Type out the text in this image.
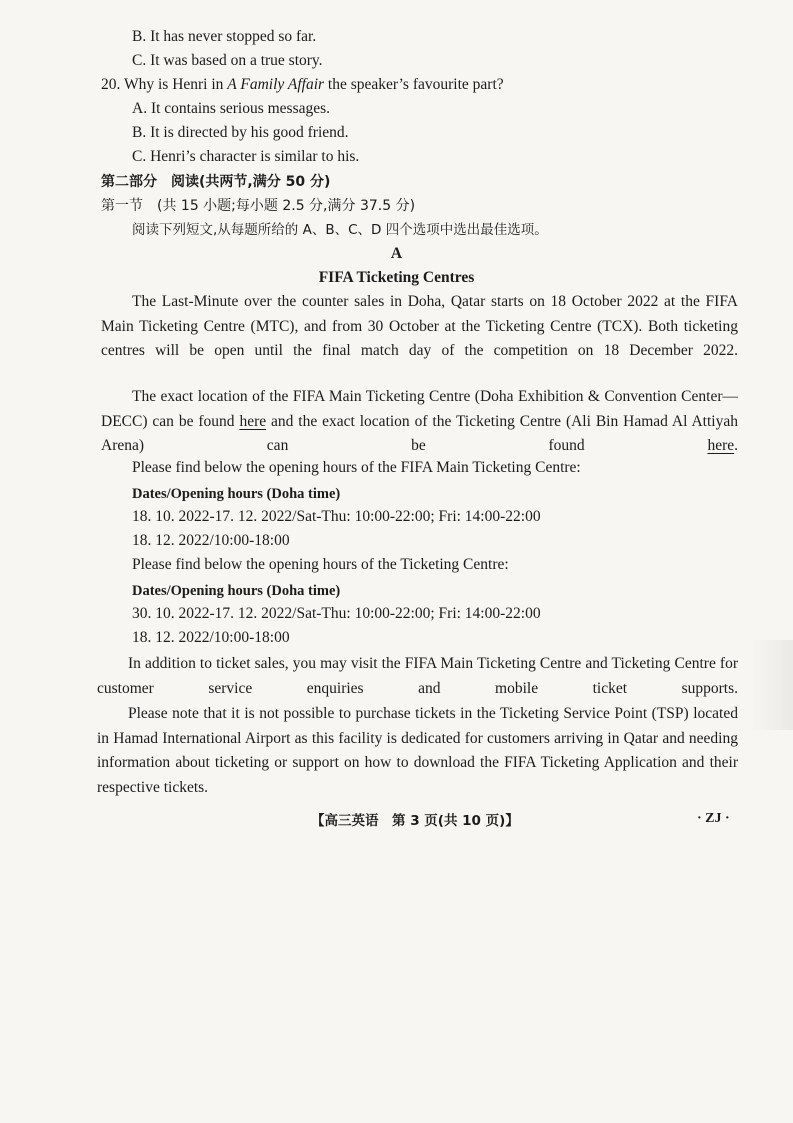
B. It has never stopped so far.
C. It was based on a true story.
20. Why is Henri in A Family Affair the speaker’s favourite part?
A. It contains serious messages.
B. It is directed by his good friend.
C. Henri’s character is similar to his.
第二部分　阅读(共两节,满分 50 分)
第一节　(共 15 小题;每小题 2.5 分,满分 37.5 分)
阅读下列短文,从每题所给的 A、B、C、D 四个选项中选出最佳选项。
A
FIFA Ticketing Centres
The Last-Minute over the counter sales in Doha, Qatar starts on 18 October 2022 at the FIFA Main Ticketing Centre (MTC), and from 30 October at the Ticketing Centre (TCX). Both ticketing centres will be open until the final match day of the competition on 18 December 2022.
The exact location of the FIFA Main Ticketing Centre (Doha Exhibition & Convention Center—DECC) can be found here and the exact location of the Ticketing Centre (Ali Bin Hamad Al Attiyah Arena) can be found here.
Please find below the opening hours of the FIFA Main Ticketing Centre:
Dates/Opening hours (Doha time)
18. 10. 2022-17. 12. 2022/Sat-Thu: 10:00-22:00; Fri: 14:00-22:00
18. 12. 2022/10:00-18:00
Please find below the opening hours of the Ticketing Centre:
Dates/Opening hours (Doha time)
30. 10. 2022-17. 12. 2022/Sat-Thu: 10:00-22:00; Fri: 14:00-22:00
18. 12. 2022/10:00-18:00
In addition to ticket sales, you may visit the FIFA Main Ticketing Centre and Ticketing Centre for customer service enquiries and mobile ticket supports.
Please note that it is not possible to purchase tickets in the Ticketing Service Point (TSP) located in Hamad International Airport as this facility is dedicated for customers arriving in Qatar and needing information about ticketing or support on how to download the FIFA Ticketing Application and their respective tickets.
【高三英语　第 3 页(共 10 页)】	· ZJ ·
